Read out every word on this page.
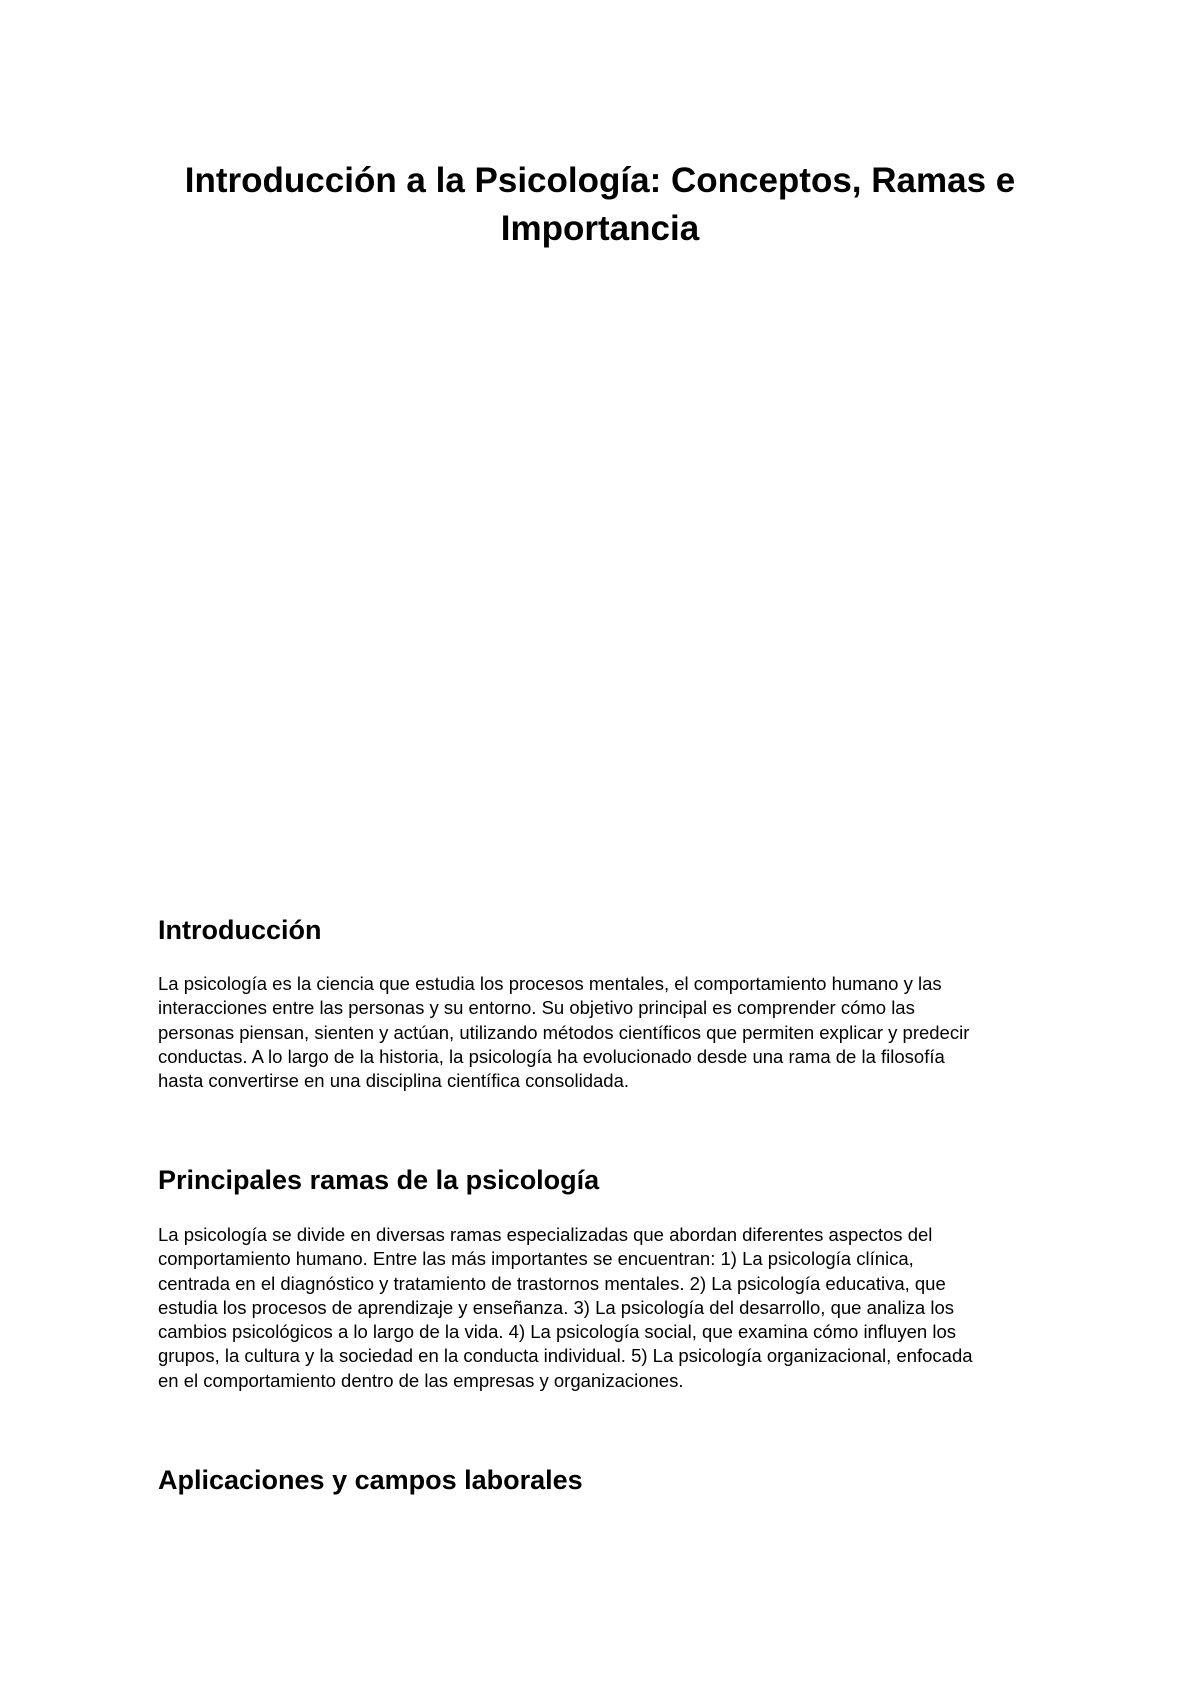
Introducción a la Psicología: Conceptos, Ramas e
Importancia
Introducción

La psicología es la ciencia que estudia los procesos mentales, el comportamiento humano y las
interacciones entre las personas y su entorno. Su objetivo principal es comprender cómo las
personas piensan, sienten y actúan, utilizando métodos científicos que permiten explicar y predecir
conductas. A lo largo de la historia, la psicología ha evolucionado desde una rama de la filosofía
hasta convertirse en una disciplina científica consolidada.

Principales ramas de la psicología

La psicología se divide en diversas ramas especializadas que abordan diferentes aspectos del
comportamiento humano. Entre las más importantes se encuentran: 1) La psicología clínica,
centrada en el diagnóstico y tratamiento de trastornos mentales. 2) La psicología educativa, que
estudia los procesos de aprendizaje y enseñanza. 3) La psicología del desarrollo, que analiza los
cambios psicológicos a lo largo de la vida. 4) La psicología social, que examina cómo influyen los
grupos, la cultura y la sociedad en la conducta individual. 5) La psicología organizacional, enfocada
en el comportamiento dentro de las empresas y organizaciones.

Aplicaciones y campos laborales
